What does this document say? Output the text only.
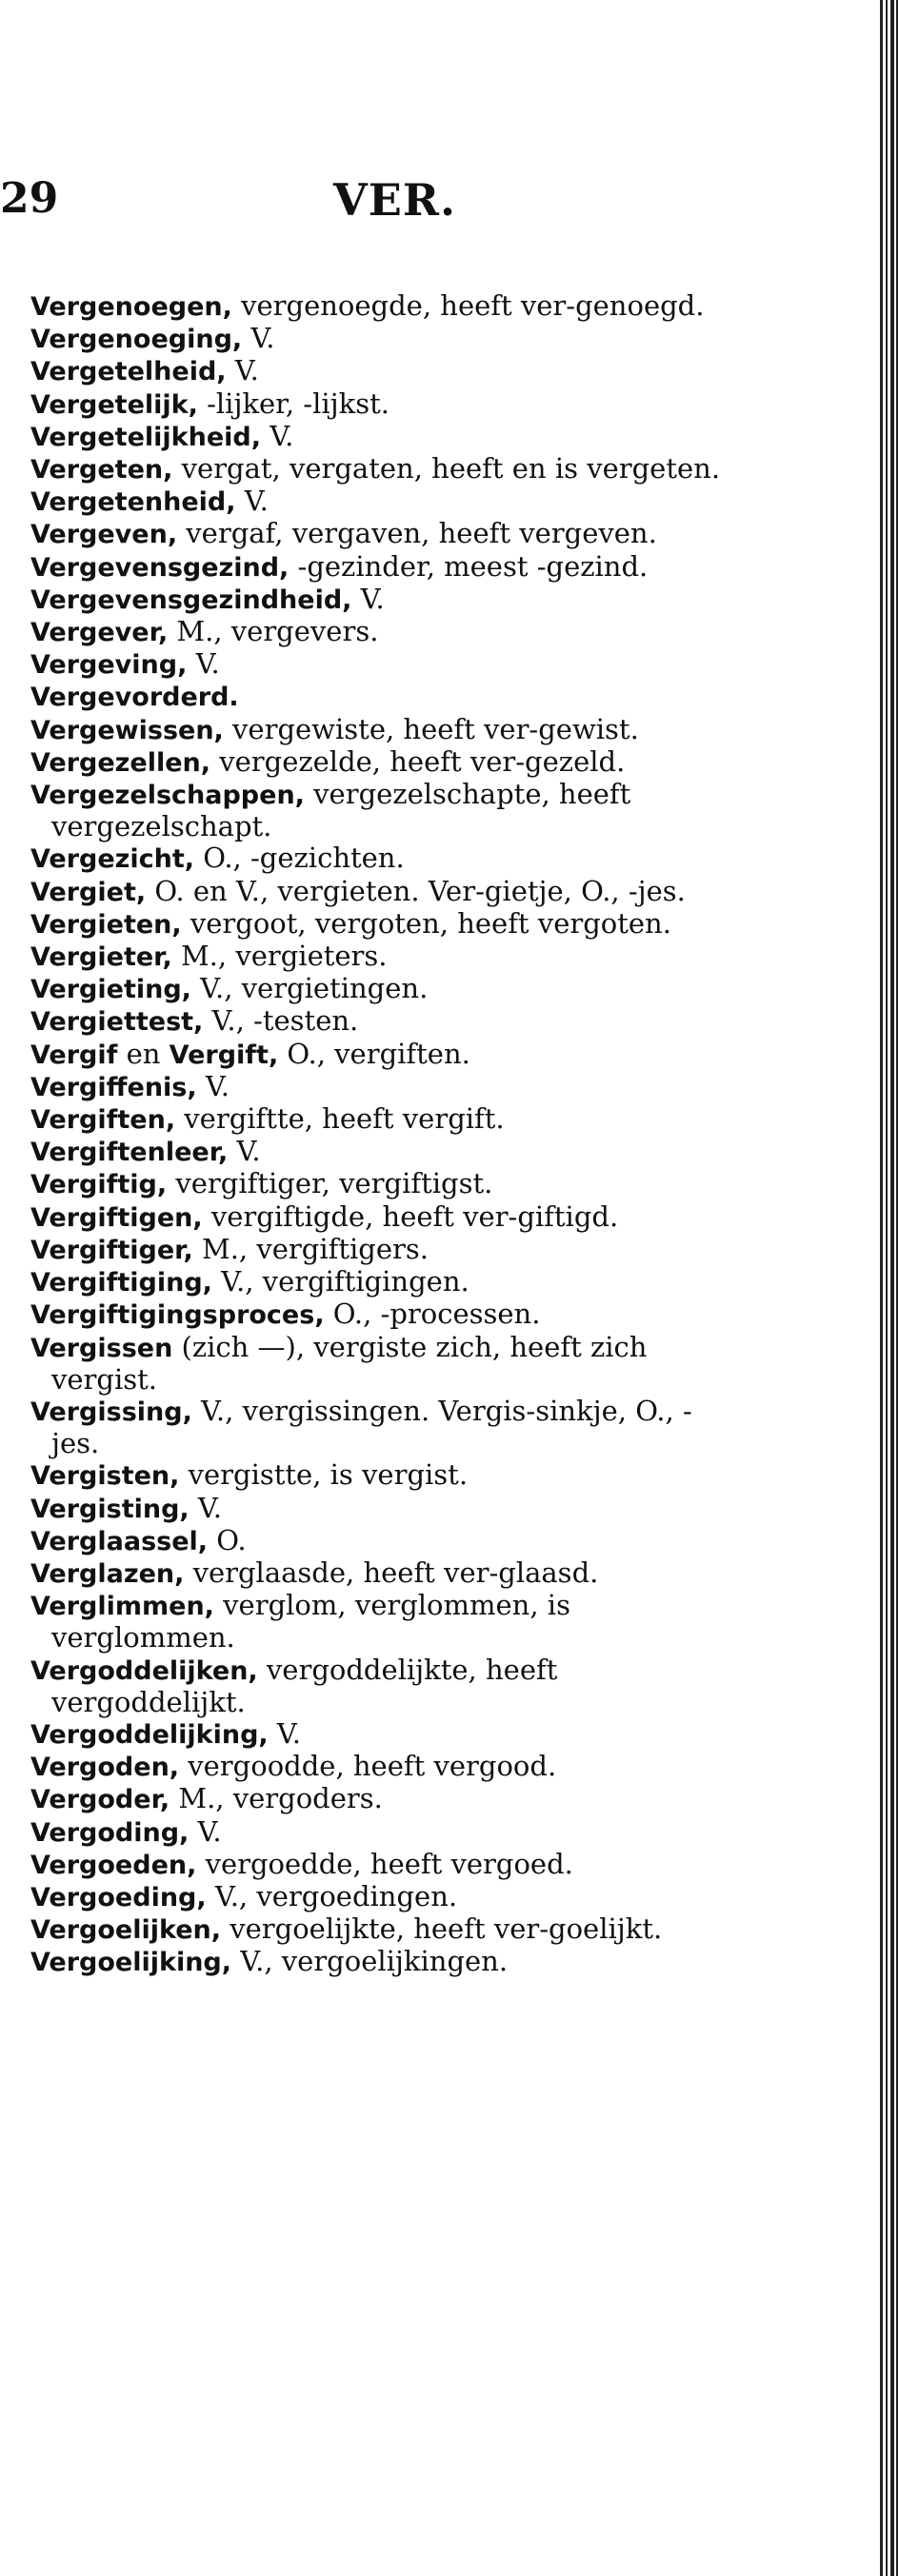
29	VER.
Vergenoegen, vergenoegde, heeft ver-genoegd.
Vergenoeging, V.
Vergetelheid, V.
Vergetelijk, -lijker, -lijkst.
Vergetelijkheid, V.
Vergeten, vergat, vergaten, heeft en is vergeten.
Vergetenheid, V.
Vergeven, vergaf, vergaven, heeft vergeven.
Vergevensgezind, -gezinder, meest -gezind.
Vergevensgezindheid, V.
Vergever, M., vergevers.
Vergeving, V.
Vergevorderd.
Vergewissen, vergewiste, heeft ver-gewist.
Vergezellen, vergezelde, heeft ver-gezeld.
Vergezelschappen, vergezelschapte, heeft vergezelschapt.
Vergezicht, O., -gezichten.
Vergiet, O. en V., vergieten. Ver-gietje, O., -jes.
Vergieten, vergoot, vergoten, heeft vergoten.
Vergieter, M., vergieters.
Vergieting, V., vergietingen.
Vergiettest, V., -testen.
Vergif en Vergift, O., vergiften.
Vergiffenis, V.
Vergiften, vergiftte, heeft vergift.
Vergiftenleer, V.
Vergiftig, vergiftiger, vergiftigst.
Vergiftigen, vergiftigde, heeft ver-giftigd.
Vergiftiger, M., vergiftigers.
Vergiftiging, V., vergiftigingen.
Vergiftigingsproces, O., -processen.
Vergissen (zich —), vergiste zich, heeft zich vergist.
Vergissing, V., vergissingen. Vergis-sinkje, O., -jes.
Vergisten, vergistte, is vergist.
Vergisting, V.
Verglaassel, O.
Verglazen, verglaasde, heeft ver-glaasd.
Verglimmen, verglom, verglommen, is verglommen.
Vergoddelijken, vergoddelijkte, heeft vergoddelijkt.
Vergoddelijking, V.
Vergoden, vergoodde, heeft vergood.
Vergoder, M., vergoders.
Vergoding, V.
Vergoeden, vergoedde, heeft vergoed.
Vergoeding, V., vergoedingen.
Vergoelijken, vergoelijkte, heeft ver-goelijkt.
Vergoelijking, V., vergoelijkingen.
